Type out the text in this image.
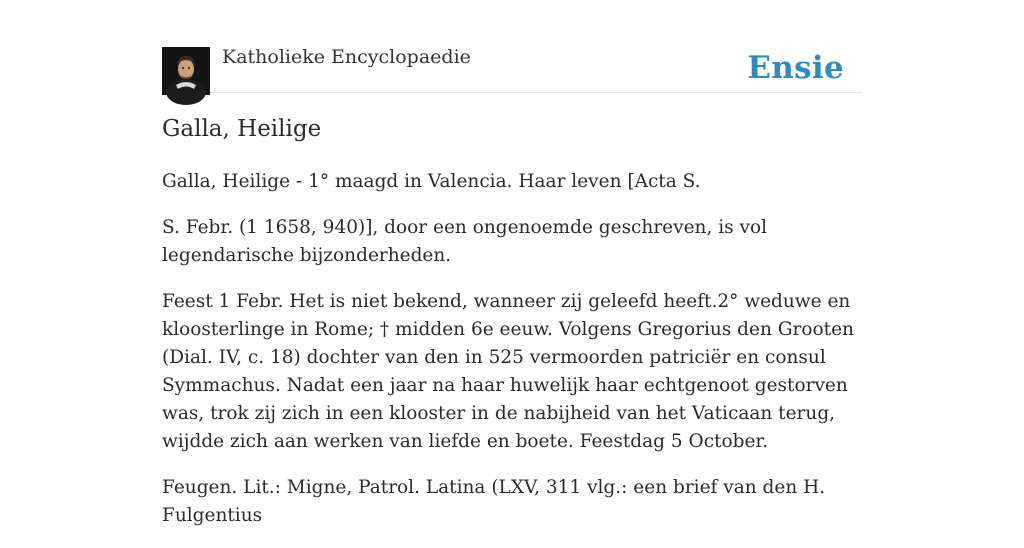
Katholieke Encyclopaedie	Ensie
Galla, Heilige

Galla, Heilige - 1° maagd in Valencia. Haar leven [Acta S.

S. Febr. (1 1658, 940)], door een ongenoemde geschreven, is vol legendarische bijzonderheden.

Feest 1 Febr. Het is niet bekend, wanneer zij geleefd heeft.2° weduwe en kloosterlinge in Rome; † midden 6e eeuw. Volgens Gregorius den Grooten (Dial. IV, c. 18) dochter van den in 525 vermoorden patriciër en consul Symmachus. Nadat een jaar na haar huwelijk haar echtgenoot gestorven was, trok zij zich in een klooster in de nabijheid van het Vaticaan terug, wijdde zich aan werken van liefde en boete. Feestdag 5 October.

Feugen. Lit.: Migne, Patrol. Latina (LXV, 311 vlg.: een brief van den H. Fulgentius
